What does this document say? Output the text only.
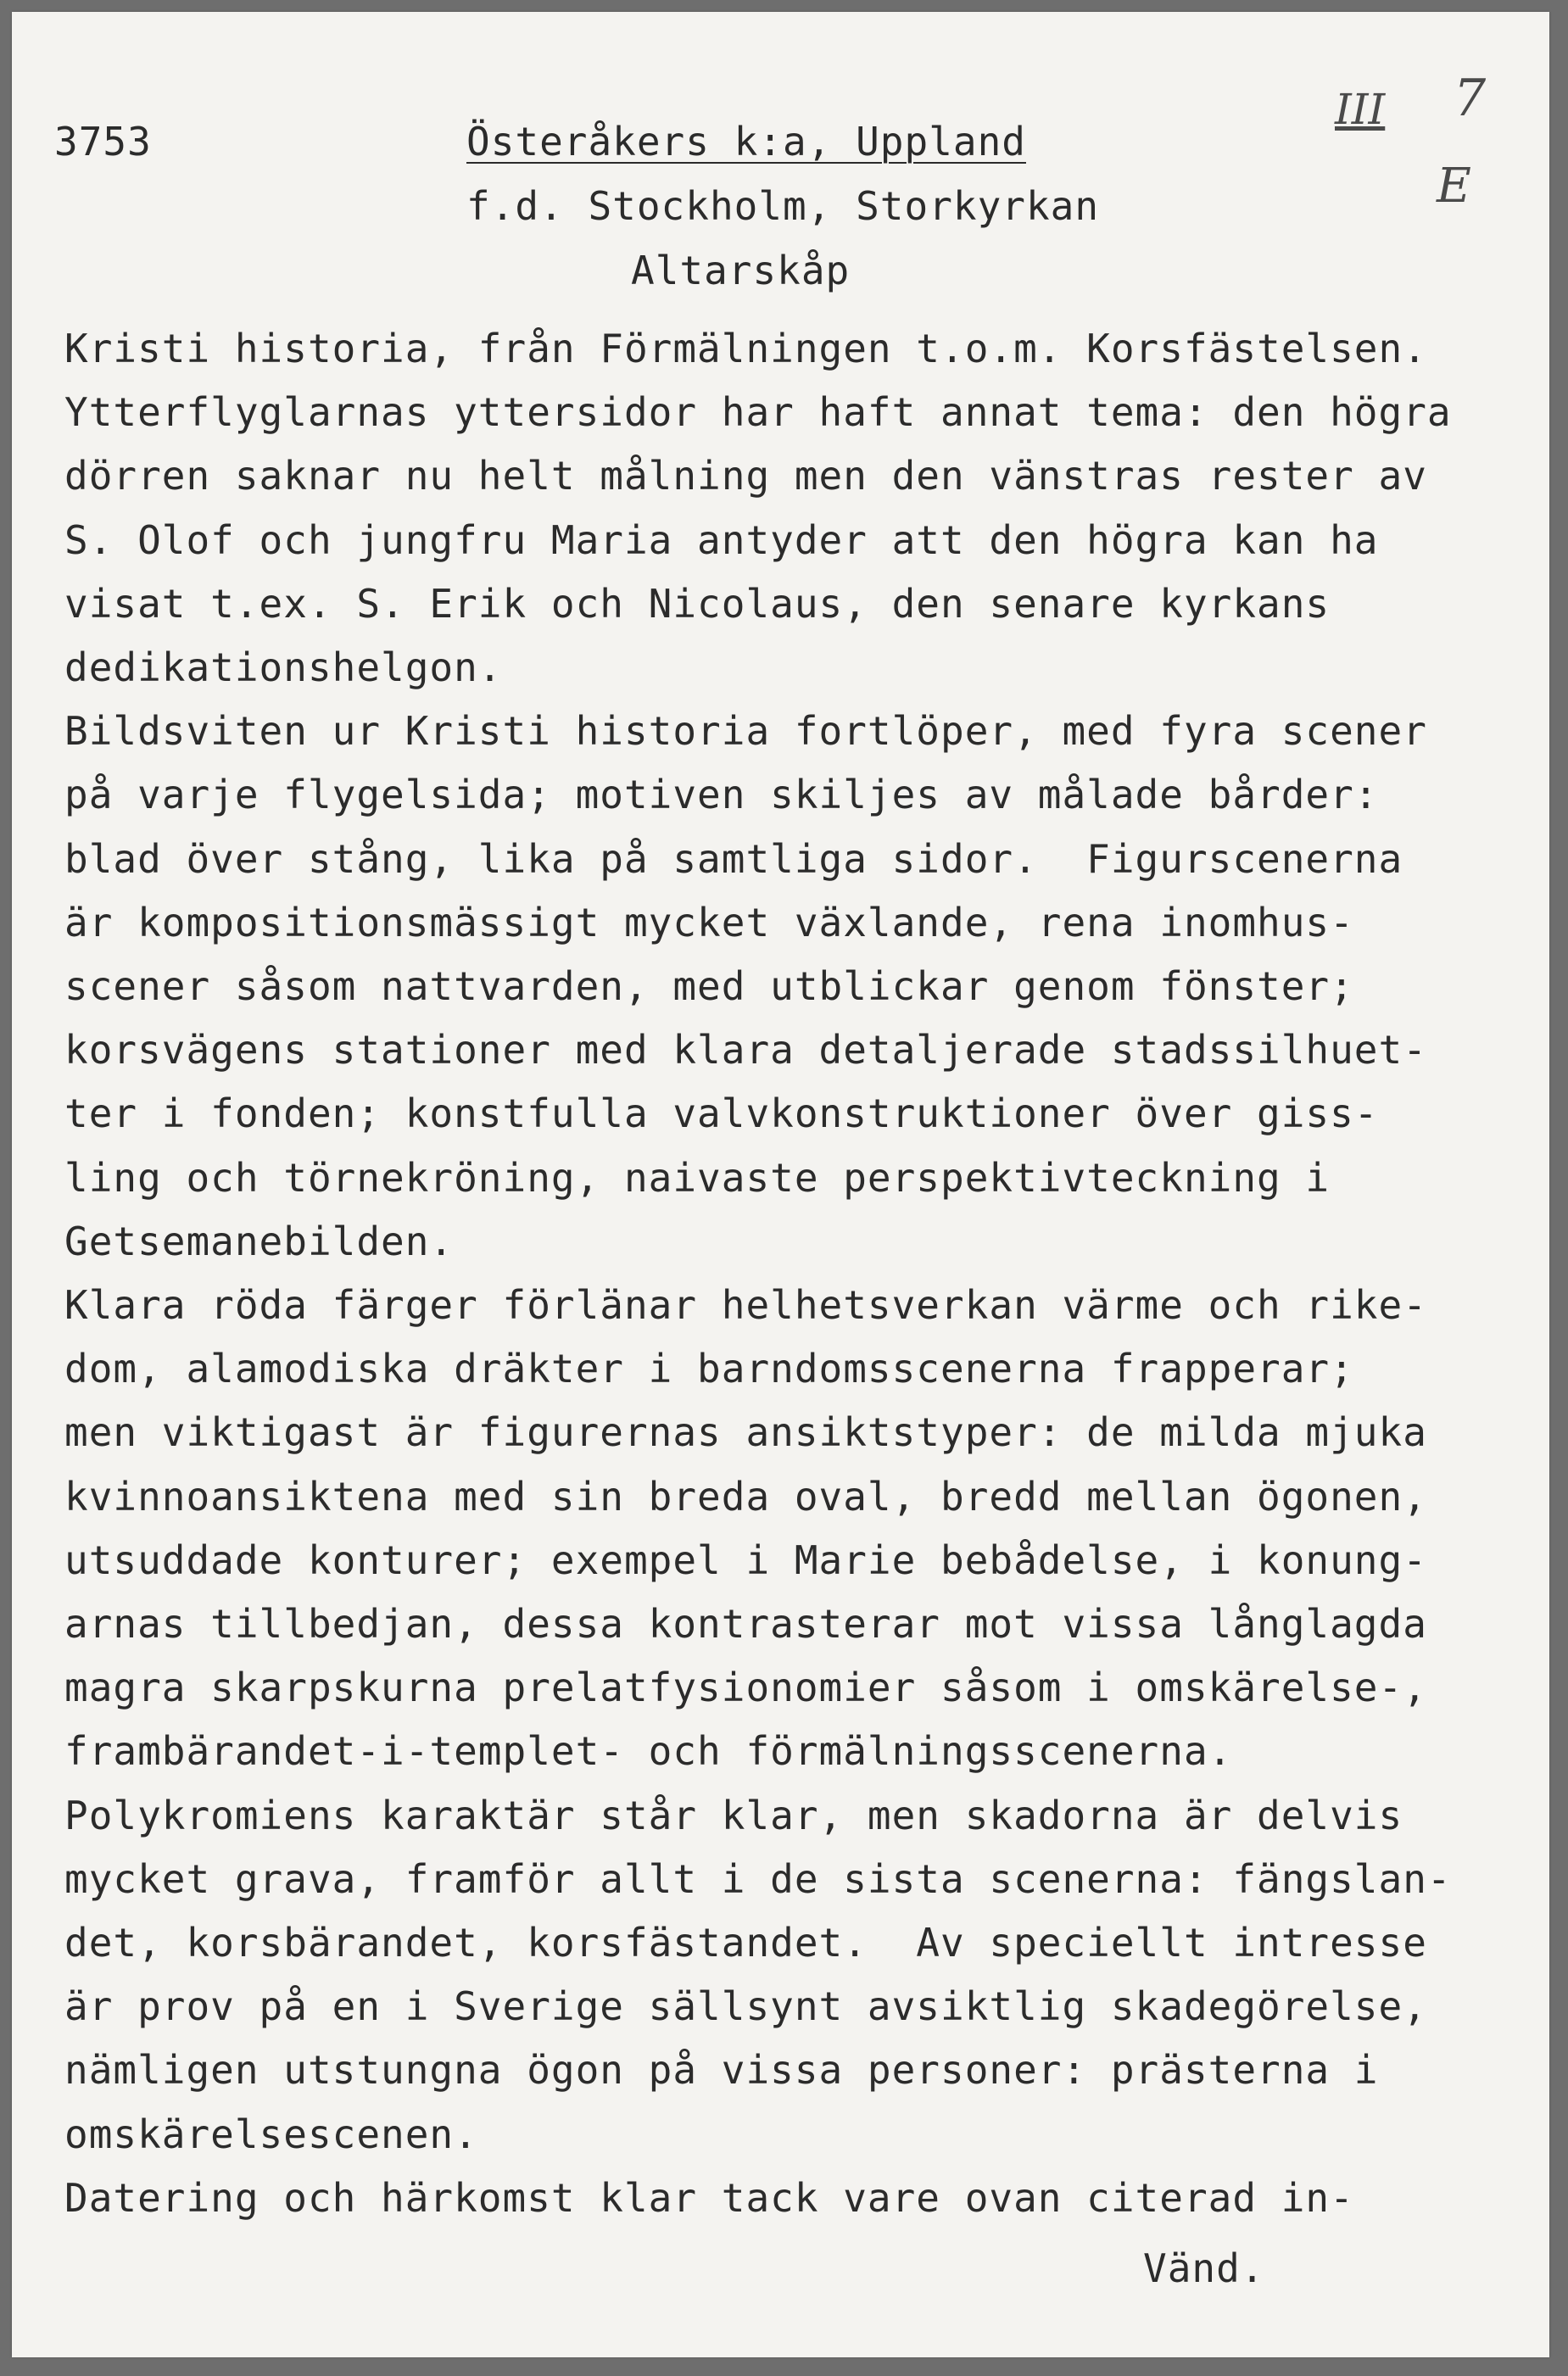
3753	Österåkers k:a, Uppland
f.d. Stockholm, Storkyrkan
Altarskåp
III 7
E
Kristi historia, från Förmälningen t.o.m. Korsfästelsen.
Ytterflyglarnas yttersidor har haft annat tema: den högra
dörren saknar nu helt målning men den vänstras rester av
S. Olof och jungfru Maria antyder att den högra kan ha
visat t.ex. S. Erik och Nicolaus, den senare kyrkans
dedikationshelgon.
Bildsviten ur Kristi historia fortlöper, med fyra scener
på varje flygelsida; motiven skiljes av målade bårder:
blad över stång, lika på samtliga sidor.  Figurscenerna
är kompositionsmässigt mycket växlande, rena inomhus-
scener såsom nattvarden, med utblickar genom fönster;
korsvägens stationer med klara detaljerade stadssilhuet-
ter i fonden; konstfulla valvkonstruktioner över giss-
ling och törnekröning, naivaste perspektivteckning i
Getsemanebilden.
Klara röda färger förlänar helhetsverkan värme och rike-
dom, alamodiska dräkter i barndomsscenerna frapperar;
men viktigast är figurernas ansiktstyper: de milda mjuka
kvinnoansiktena med sin breda oval, bredd mellan ögonen,
utsuddade konturer; exempel i Marie bebådelse, i konung-
arnas tillbedjan, dessa kontrasterar mot vissa långlagda
magra skarpskurna prelatfysionomier såsom i omskärelse-,
frambärandet-i-templet- och förmälningsscenerna.
Polykromiens karaktär står klar, men skadorna är delvis
mycket grava, framför allt i de sista scenerna: fängslan-
det, korsbärandet, korsfästandet.  Av speciellt intresse
är prov på en i Sverige sällsynt avsiktlig skadegörelse,
nämligen utstungna ögon på vissa personer: prästerna i
omskärelsescenen.
Datering och härkomst klar tack vare ovan citerad in-
Vänd.
